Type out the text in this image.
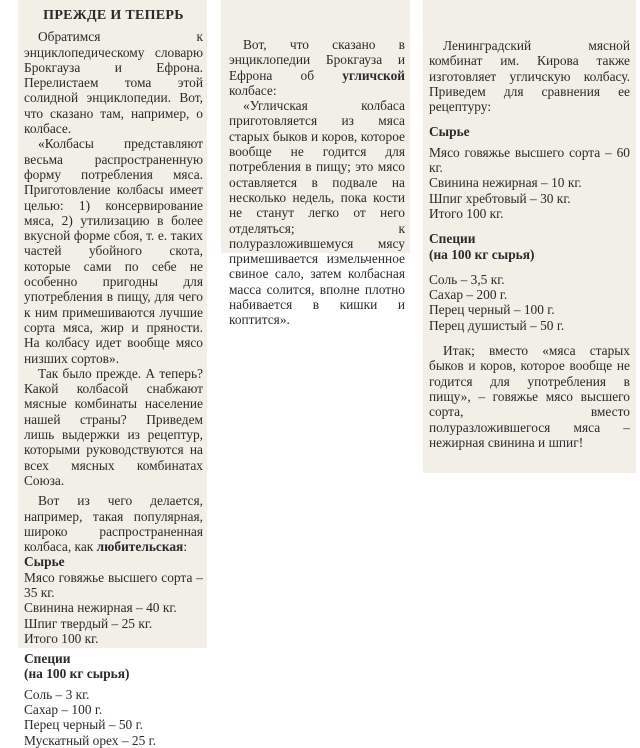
ПРЕЖДЕ И ТЕПЕРЬ

Обратимся к энциклопедическому словарю Брокгауза и Ефрона. Перелистаем тома этой солидной энциклопедии. Вот, что сказано там, например, о колбасе.

«Колбасы представляют весьма распространенную форму потребления мяса. Приготовление колбасы имеет целью: 1) консервирование мяса, 2) утилизацию в более вкусной форме сбоя, т. е. таких частей убойного скота, которые сами по себе не особенно пригодны для употребления в пищу, для чего к ним примешиваются лучшие сорта мяса, жир и пряности. На колбасу идет вообще мясо низших сортов».

Так было прежде. А теперь? Какой колбасой снабжают мясные комбинаты население нашей страны? Приведем лишь выдержки из рецептур, которыми руководствуются на всех мясных комбинатах Союза.

Вот из чего делается, например, такая популярная, широко распространенная колбаса, как любительская:

Сырье

Мясо говяжье высшего сорта – 35 кг.

Свинина нежирная – 40 кг.

Шпиг твердый – 25 кг.

Итого 100 кг.

Специи

(на 100 кг сырья)

Соль – 3 кг.

Сахар – 100 г.

Перец черный – 50 г.

Мускатный орех – 25 г.

Вот, что сказано в энциклопедии Брокгауза и Ефрона об угличской колбасе:

«Угличская колбаса приготовляется из мяса старых быков и коров, которое вообще не годится для потребления в пищу; это мясо оставляется в подвале на несколько недель, пока кости не станут легко от него отделяться; к полуразложившемуся мясу примешивается измельченное свиное сало, затем колбасная масса солится, вполне плотно набивается в кишки и коптится».

Ленинградский мясной комбинат им. Кирова также изготовляет угличскую колбасу. Приведем для сравнения ее рецептуру:

Сырье

Мясо говяжье высшего сорта – 60 кг.

Свинина нежирная – 10 кг.

Шпиг хребтовый – 30 кг.

Итого 100 кг.

Специи

(на 100 кг сырья)

Соль – 3,5 кг.

Сахар – 200 г.

Перец черный – 100 г.

Перец душистый – 50 г.

Итак; вместо «мяса старых быков и коров, которое вообще не годится для употребления в пищу», – говяжье мясо высшего сорта, вместо полуразложившегося мяса – нежирная свинина и шпиг!
